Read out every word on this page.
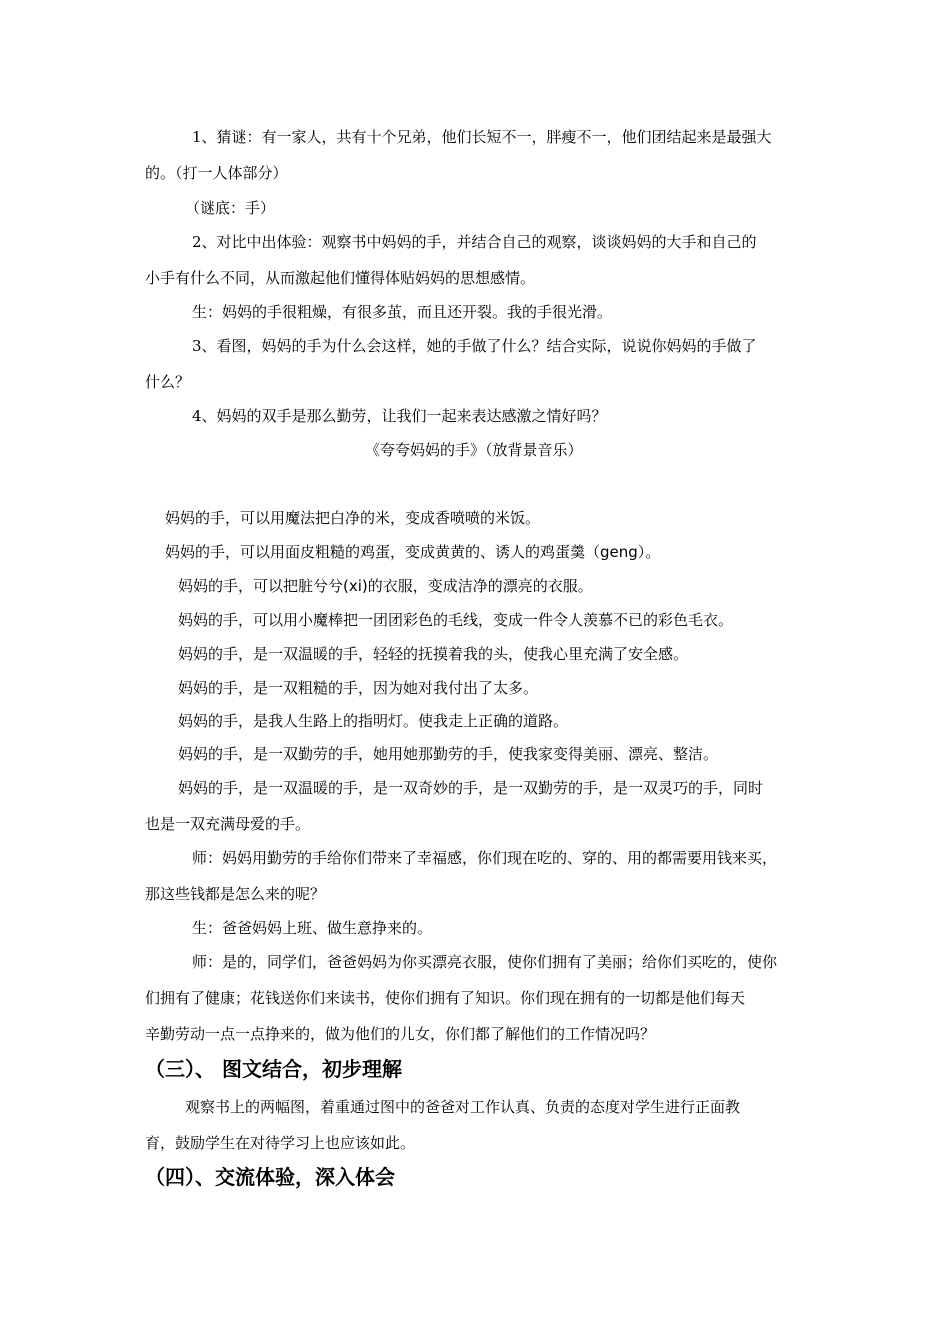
1、猜谜：有一家人，共有十个兄弟，他们长短不一，胖瘦不一，他们团结起来是最强大
的。（打一人体部分）
（谜底：手）
2、对比中出体验：观察书中妈妈的手，并结合自己的观察，谈谈妈妈的大手和自己的
小手有什么不同，从而激起他们懂得体贴妈妈的思想感情。
生：妈妈的手很粗燥，有很多茧，而且还开裂。我的手很光滑。
3、看图，妈妈的手为什么会这样，她的手做了什么？结合实际，说说你妈妈的手做了
什么？
4、妈妈的双手是那么勤劳，让我们一起来表达感激之情好吗？
《夸夸妈妈的手》（放背景音乐）
妈妈的手，可以用魔法把白净的米，变成香喷喷的米饭。
妈妈的手，可以用面皮粗糙的鸡蛋，变成黄黄的、诱人的鸡蛋羹（geng）。
妈妈的手，可以把脏兮兮(xi)的衣服，变成洁净的漂亮的衣服。
妈妈的手，可以用小魔棒把一团团彩色的毛线，变成一件令人羡慕不已的彩色毛衣。
妈妈的手，是一双温暖的手，轻轻的抚摸着我的头，使我心里充满了安全感。
妈妈的手，是一双粗糙的手，因为她对我付出了太多。
妈妈的手，是我人生路上的指明灯。使我走上正确的道路。
妈妈的手，是一双勤劳的手，她用她那勤劳的手，使我家变得美丽、漂亮、整洁。
妈妈的手，是一双温暖的手，是一双奇妙的手，是一双勤劳的手，是一双灵巧的手，同时
也是一双充满母爱的手。
师：妈妈用勤劳的手给你们带来了幸福感，你们现在吃的、穿的、用的都需要用钱来买，
那这些钱都是怎么来的呢？
生：爸爸妈妈上班、做生意挣来的。
师：是的，同学们，爸爸妈妈为你买漂亮衣服，使你们拥有了美丽；给你们买吃的，使你
们拥有了健康；花钱送你们来读书，使你们拥有了知识。你们现在拥有的一切都是他们每天
辛勤劳动一点一点挣来的，做为他们的儿女，你们都了解他们的工作情况吗？
（三）、 图文结合，初步理解
观察书上的两幅图，着重通过图中的爸爸对工作认真、负责的态度对学生进行正面教
育，鼓励学生在对待学习上也应该如此。
（四）、交流体验，深入体会
